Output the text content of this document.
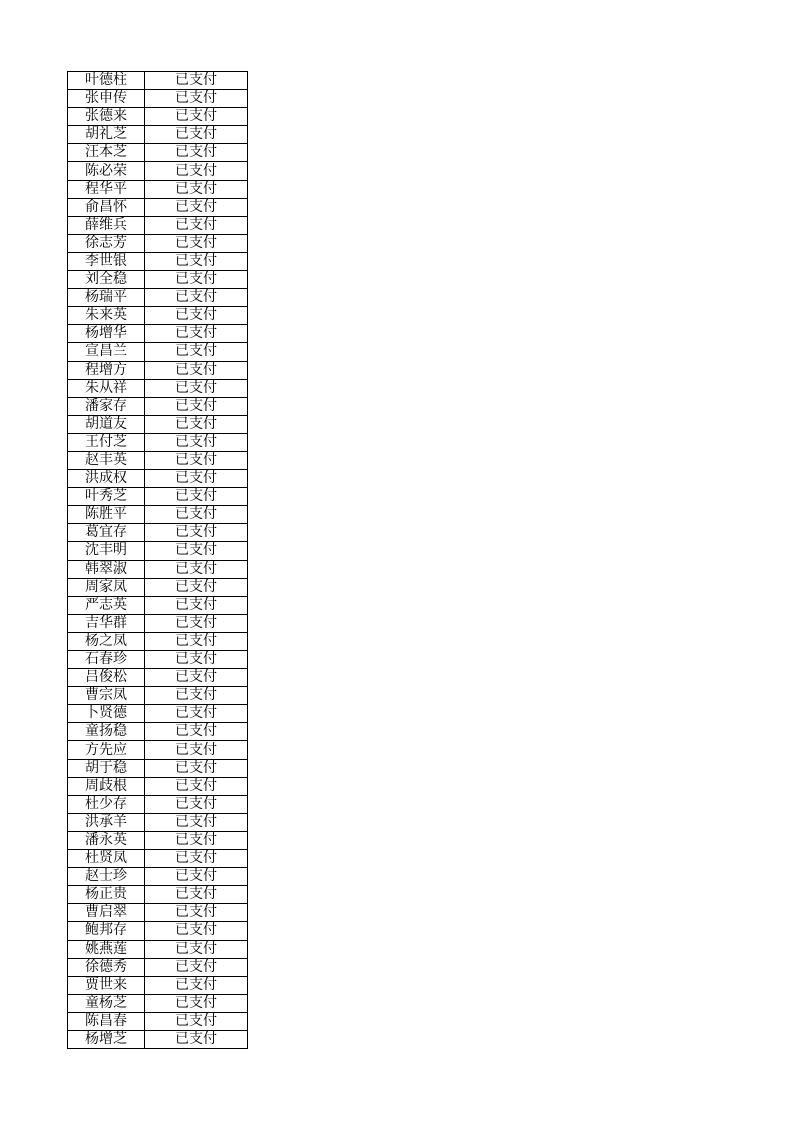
叶德柱	已支付
张申传	已支付
张德来	已支付
胡礼芝	已支付
汪本芝	已支付
陈必荣	已支付
程华平	已支付
俞昌怀	已支付
薛维兵	已支付
徐志芳	已支付
李世银	已支付
刘全稳	已支付
杨瑞平	已支付
朱来英	已支付
杨增华	已支付
宣昌兰	已支付
程增方	已支付
朱从祥	已支付
潘家存	已支付
胡道友	已支付
王付芝	已支付
赵丰英	已支付
洪成权	已支付
叶秀芝	已支付
陈胜平	已支付
葛宜存	已支付
沈丰明	已支付
韩翠淑	已支付
周家凤	已支付
严志英	已支付
吉华群	已支付
杨之凤	已支付
石春珍	已支付
吕俊松	已支付
曹宗凤	已支付
卜贤德	已支付
童扬稳	已支付
方先应	已支付
胡于稳	已支付
周歧根	已支付
杜少存	已支付
洪承羊	已支付
潘永英	已支付
杜贤凤	已支付
赵士珍	已支付
杨正贵	已支付
曹启翠	已支付
鲍邦存	已支付
姚燕莲	已支付
徐德秀	已支付
贾世来	已支付
童杨芝	已支付
陈昌春	已支付
杨增芝	已支付
